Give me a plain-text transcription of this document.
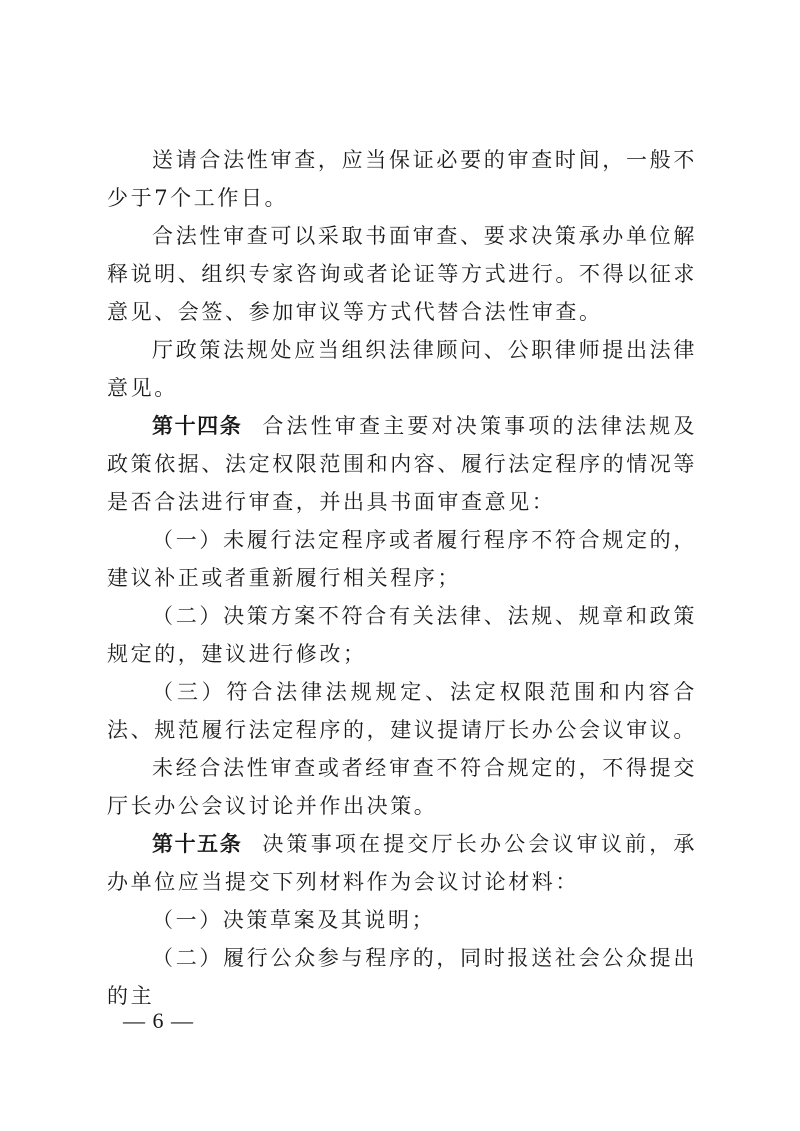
送请合法性审查，应当保证必要的审查时间，一般不少于7个工作日。

合法性审查可以采取书面审查、要求决策承办单位解释说明、组织专家咨询或者论证等方式进行。不得以征求意见、会签、参加审议等方式代替合法性审查。

厅政策法规处应当组织法律顾问、公职律师提出法律意见。

第十四条 合法性审查主要对决策事项的法律法规及政策依据、法定权限范围和内容、履行法定程序的情况等是否合法进行审查，并出具书面审查意见：

（一）未履行法定程序或者履行程序不符合规定的，建议补正或者重新履行相关程序；

（二）决策方案不符合有关法律、法规、规章和政策规定的，建议进行修改；

（三）符合法律法规规定、法定权限范围和内容合法、规范履行法定程序的，建议提请厅长办公会议审议。

未经合法性审查或者经审查不符合规定的，不得提交厅长办公会议讨论并作出决策。

第十五条 决策事项在提交厅长办公会议审议前，承办单位应当提交下列材料作为会议讨论材料：

（一）决策草案及其说明；

（二）履行公众参与程序的，同时报送社会公众提出的主

— 6 —
